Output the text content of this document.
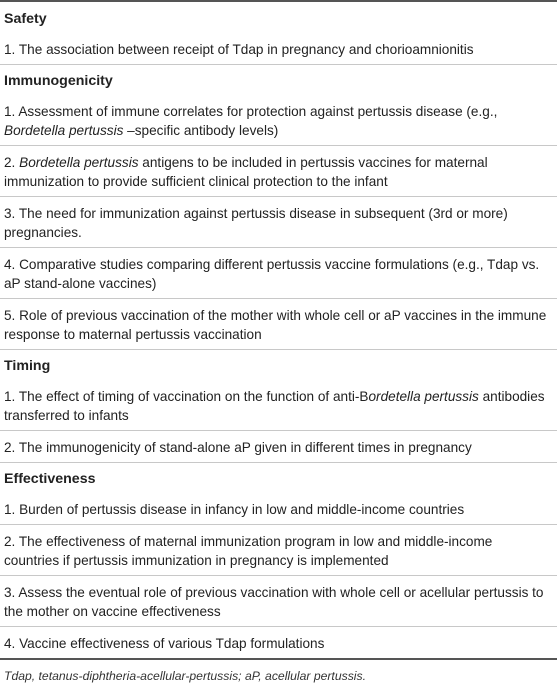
Safety
1. The association between receipt of Tdap in pregnancy and chorioamnionitis
Immunogenicity
1. Assessment of immune correlates for protection against pertussis disease (e.g., Bordetella pertussis –specific antibody levels)
2. Bordetella pertussis antigens to be included in pertussis vaccines for maternal immunization to provide sufficient clinical protection to the infant
3. The need for immunization against pertussis disease in subsequent (3rd or more) pregnancies.
4. Comparative studies comparing different pertussis vaccine formulations (e.g., Tdap vs. aP stand-alone vaccines)
5. Role of previous vaccination of the mother with whole cell or aP vaccines in the immune response to maternal pertussis vaccination
Timing
1. The effect of timing of vaccination on the function of anti-Bordetella pertussis antibodies transferred to infants
2. The immunogenicity of stand-alone aP given in different times in pregnancy
Effectiveness
1. Burden of pertussis disease in infancy in low and middle-income countries
2. The effectiveness of maternal immunization program in low and middle-income countries if pertussis immunization in pregnancy is implemented
3. Assess the eventual role of previous vaccination with whole cell or acellular pertussis to the mother on vaccine effectiveness
4. Vaccine effectiveness of various Tdap formulations
Tdap, tetanus-diphtheria-acellular-pertussis; aP, acellular pertussis.
